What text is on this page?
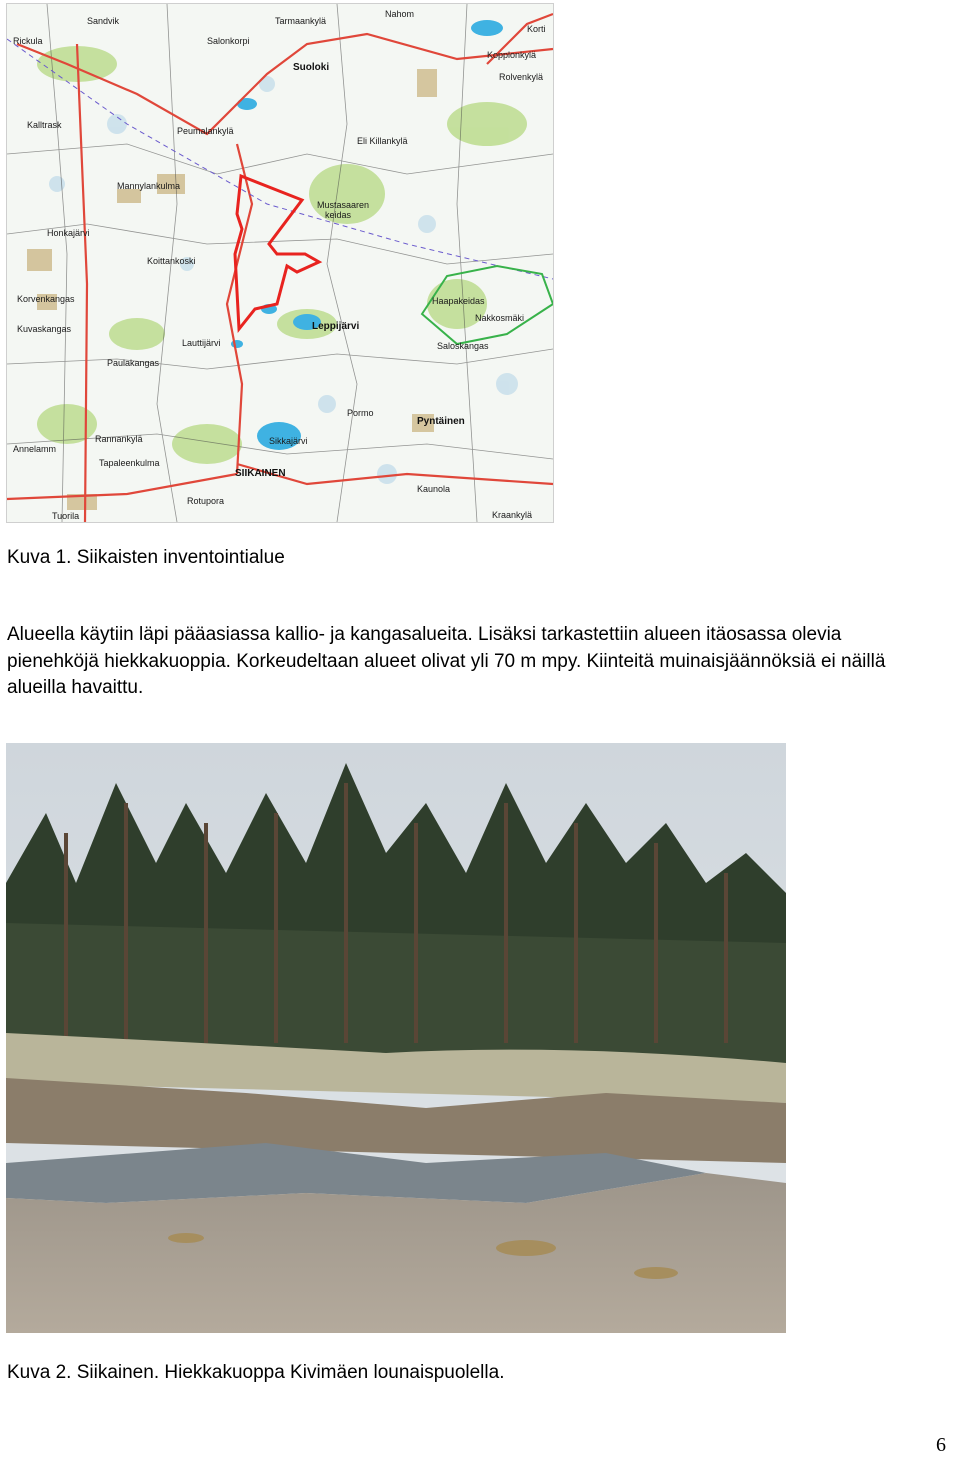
Sandvik
Rickula	Salonkorpi
Tarmaankylä
Nahom
Korti
Suoloki
Kopplonkylä
Rolvenkylä
Kalltrask
Peumalankylä
Eli Killankylä
Mannylankulma
Mustasaaren
keidas
Honkajärvi
Koittankoski
Korvenkangas
Kuvaskangas	Leppijärvi
Haapakeidas
Nakkosmäki
Saloskangas
Paulakangas
Lauttijärvi
Pyntäinen
Pormo
Sikkajärvi
Annelamm
Rannankylä
Tapaleenkulma
SIIKAINEN
Rotupora
Tuorila
Kaunola
Kraankylä

Kuva 1. Siikaisten inventointialue

Alueella käytiin läpi pääasiassa kallio- ja kangasalueita. Lisäksi tarkastettiin alueen itäosassa olevia pienehköjä hiekkakuoppia. Korkeudeltaan alueet olivat yli 70 m mpy. Kiinteitä muinaisjäännöksiä ei näillä alueilla havaittu.

Kuva 2. Siikainen. Hiekkakuoppa Kivimäen lounaispuolella.

6
